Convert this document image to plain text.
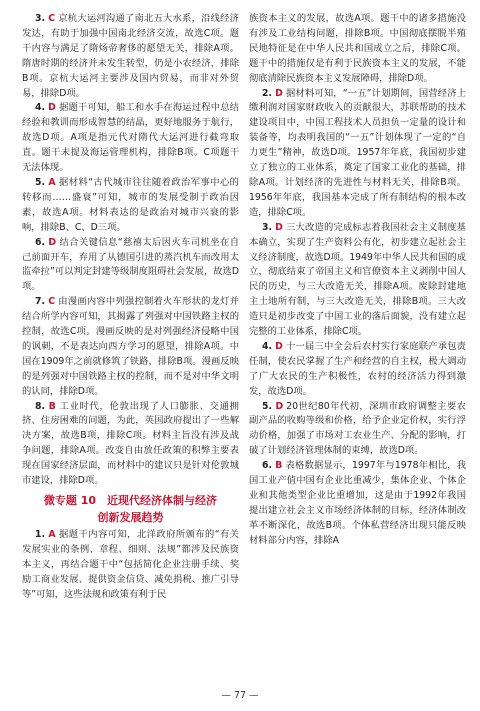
3. C 京杭大运河沟通了南北五大水系，沿线经济发达，有助于加强中国南北经济交流，故选C项。题干内容与满足了隋炀帝奢侈的愿望无关，排除A项。隋唐时期的经济并未发生转型，仍是小农经济，排除B项。京杭大运河主要涉及国内贸易，而非对外贸易，排除D项。

4. D 据题干可知，船工和水手在海运过程中总结经验和教训而形成智慧的结晶，更好地服务于航行，故选D项。A项是指元代对隋代大运河进行截弯取直。题干未提及海运管理机构，排除B项。C项题干无法体现。

5. A 据材料“古代城市往往随着政治军事中心的转移而……盛衰”可知，城市的发展受制于政治因素，故选A项。材料表达的是政治对城市兴衰的影响，排除B、C、D三项。

6. D 结合关键信息“慈禧太后因火车司机坐在自己前面开车，弃用了从德国引进的蒸汽机车而改用太监牵拉”可以判定封建等级制度阻碍社会发展，故选D项。

7. C 由漫画内容中列强控制着火车形状的龙灯并结合所学内容可知，其揭露了列强对中国铁路主权的控制，故选C项。漫画反映的是对列强经济侵略中国的讽刺，不是表达向西方学习的愿望，排除A项。中国在1909年之前就修筑了铁路，排除B项。漫画反映的是列强对中国铁路主权的控制，而不是对中华文明的认同，排除D项。

8. B 工业时代，伦敦出现了人口膨胀、交通拥挤、住房困难的问题，为此，英国政府提出了一些解决方案，故选B项，排除C项。材料主旨没有涉及战争问题，排除A项。改变自由放任政策的积弊主要表现在国家经济层面，而材料中的建议只是针对伦敦城市建设，排除D项。

微专题 10　近现代经济体制与经济
创新发展趋势

1. A 据题干内容可知，北洋政府所颁布的“有关发展实业的条例、章程、细则、法规”都涉及民族资本主义，再结合题干中“包括简化企业注册手续、奖励工商业发展、提供资金信贷、减免捐税、推广引导等”可知，这些法规和政策有利于民

族资本主义的发展，故选A项。题干中的诸多措施没有涉及工业结构问题，排除B项。中国彻底摆脱半殖民地特征是在中华人民共和国成立之后，排除C项。题干中的措施仅是有利于民族资本主义的发展，不能彻底清除民族资本主义发展障碍，排除D项。

2. D 据材料可知，“一五”计划期间，国营经济上缴利润对国家财政收入的贡献很大，苏联帮助的技术建设项目中，中国工程技术人员担负一定量的设计和装备等，均表明我国的“一五”计划体现了一定的“自力更生”精神，故选D项。1957年年底，我国初步建立了独立的工业体系，奠定了国家工业化的基础，排除A项。计划经济的先进性与材料无关，排除B项。1956年年底，我国基本完成了所有制结构的根本改造，排除C项。

3. D 三大改造的完成标志着我国社会主义制度基本确立，实现了生产资料公有化，初步建立起社会主义经济制度，故选D项。1949年中华人民共和国的成立，彻底结束了帝国主义和官僚资本主义剥削中国人民的历史，与三大改造无关，排除A项。废除封建地主土地所有制，与三大改造无关，排除B项。三大改造只是初步改变了中国工业的落后面貌，没有建立起完整的工业体系，排除C项。

4. D 十一届三中全会后农村实行家庭联产承包责任制，使农民掌握了生产和经营的自主权，极大调动了广大农民的生产积极性，农村的经济活力得到激发，故选D项。

5. D 20世纪80年代初，深圳市政府调整主要农副产品的收购等级和价格，给予企业定价权，实行浮动价格，加强了市场对工农业生产、分配的影响，打破了计划经济管理体制的束缚，故选D项。

6. B 表格数据显示，1997年与1978年相比，我国工业产值中国有企业比重减少，集体企业、个体企业和其他类型企业比重增加，这是由于1992年我国提出建立社会主义市场经济体制的目标，经济体制改革不断深化，故选B项。个体私营经济出现只能反映材料部分内容，排除A

— 77 —
